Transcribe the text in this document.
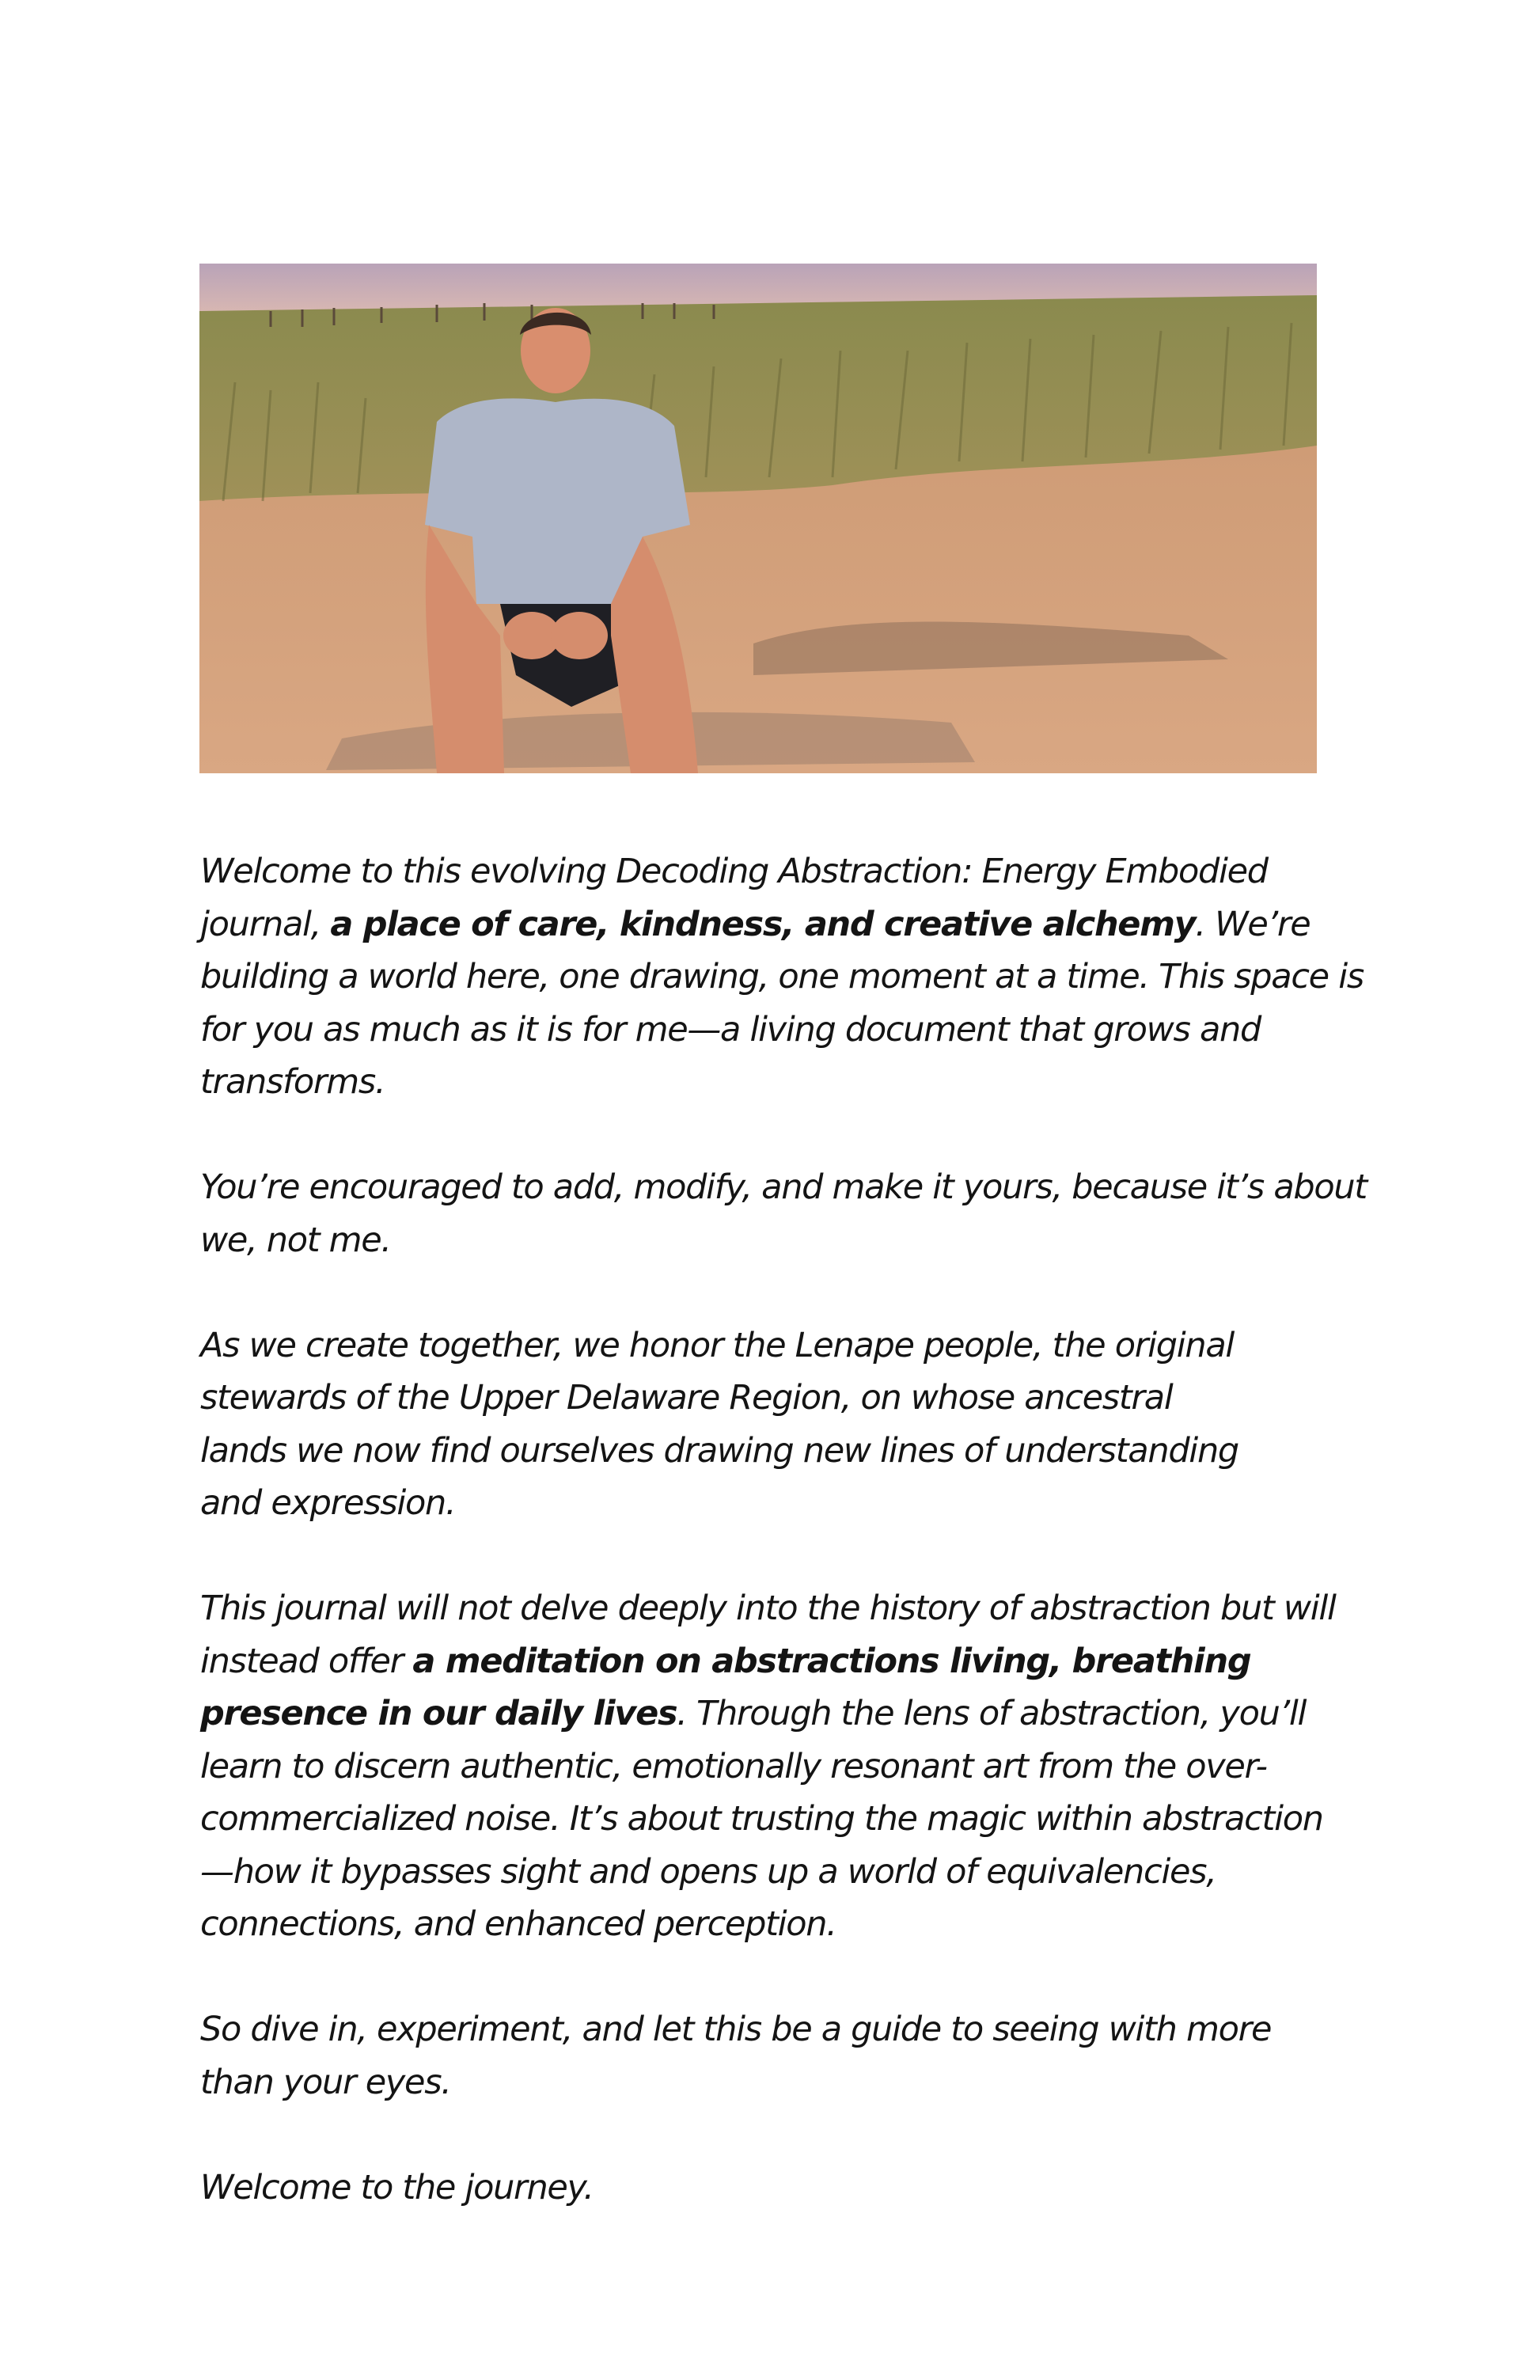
Welcome to this evolving Decoding Abstraction: Energy Embodied
journal, a place of care, kindness, and creative alchemy. We’re
building a world here, one drawing, one moment at a time. This space is
for you as much as it is for me—a living document that grows and
transforms.

You’re encouraged to add, modify, and make it yours, because it’s about
we, not me.

As we create together, we honor the Lenape people, the original
stewards of the Upper Delaware Region, on whose ancestral
lands we now find ourselves drawing new lines of understanding
and expression.

This journal will not delve deeply into the history of abstraction but will
instead offer a meditation on abstractions living, breathing
presence in our daily lives. Through the lens of abstraction, you’ll
learn to discern authentic, emotionally resonant art from the over-
commercialized noise. It’s about trusting the magic within abstraction
—how it bypasses sight and opens up a world of equivalencies,
connections, and enhanced perception.

So dive in, experiment, and let this be a guide to seeing with more
than your eyes.

Welcome to the journey.
